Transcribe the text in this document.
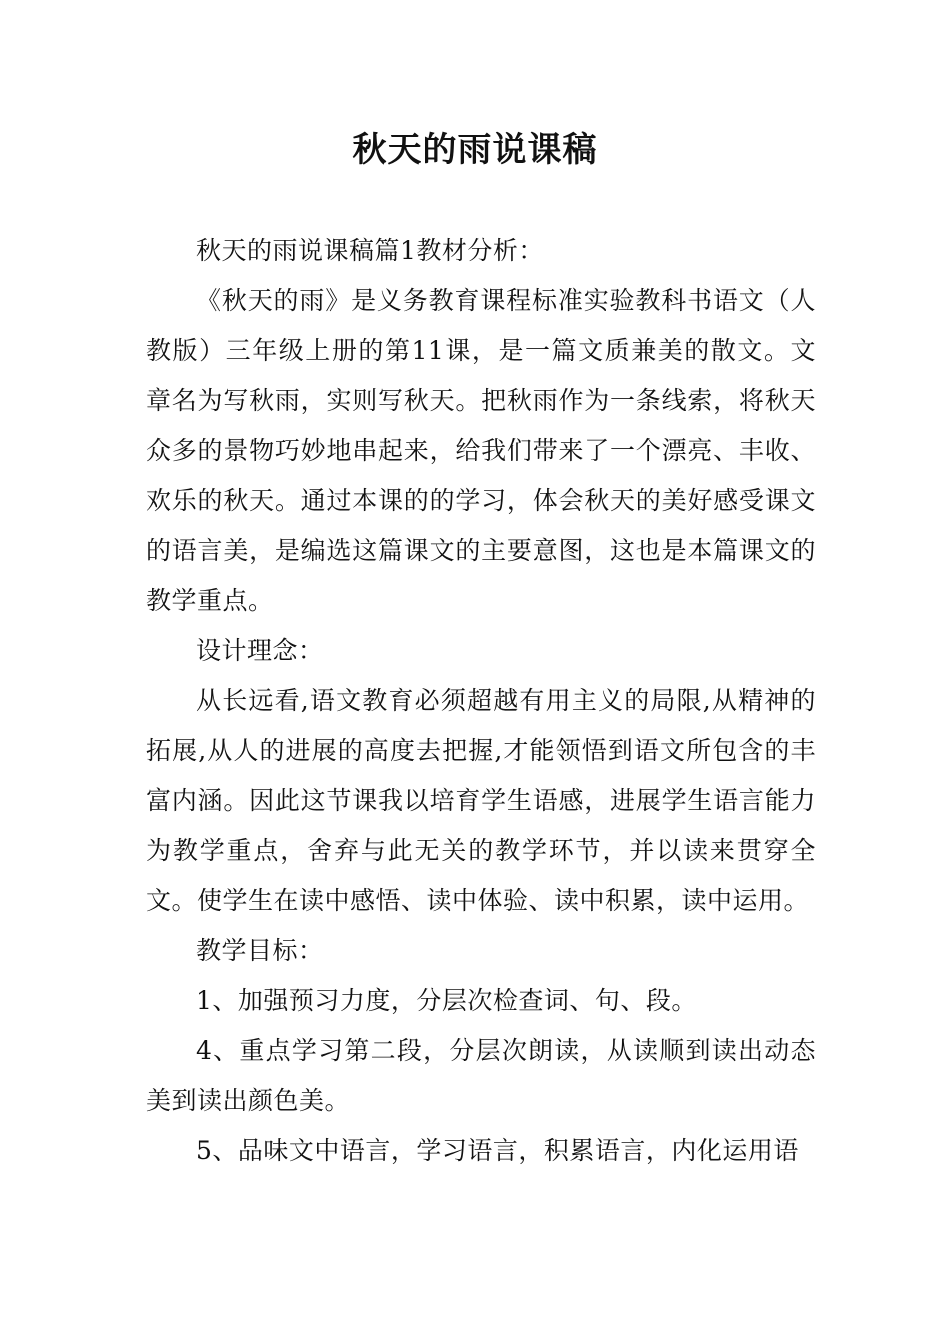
秋天的雨说课稿

秋天的雨说课稿篇1教材分析：

《秋天的雨》是义务教育课程标准实验教科书语文（人教版）三年级上册的第11课，是一篇文质兼美的散文。文章名为写秋雨，实则写秋天。把秋雨作为一条线索，将秋天众多的景物巧妙地串起来，给我们带来了一个漂亮、丰收、欢乐的秋天。通过本课的的学习，体会秋天的美好感受课文的语言美，是编选这篇课文的主要意图，这也是本篇课文的教学重点。

设计理念：

从长远看,语文教育必须超越有用主义的局限,从精神的拓展,从人的进展的高度去把握,才能领悟到语文所包含的丰富内涵。因此这节课我以培育学生语感，进展学生语言能力为教学重点，舍弃与此无关的教学环节，并以读来贯穿全文。使学生在读中感悟、读中体验、读中积累，读中运用。

教学目标：

1、加强预习力度，分层次检查词、句、段。

4、重点学习第二段，分层次朗读，从读顺到读出动态美到读出颜色美。

5、品味文中语言，学习语言，积累语言，内化运用语
